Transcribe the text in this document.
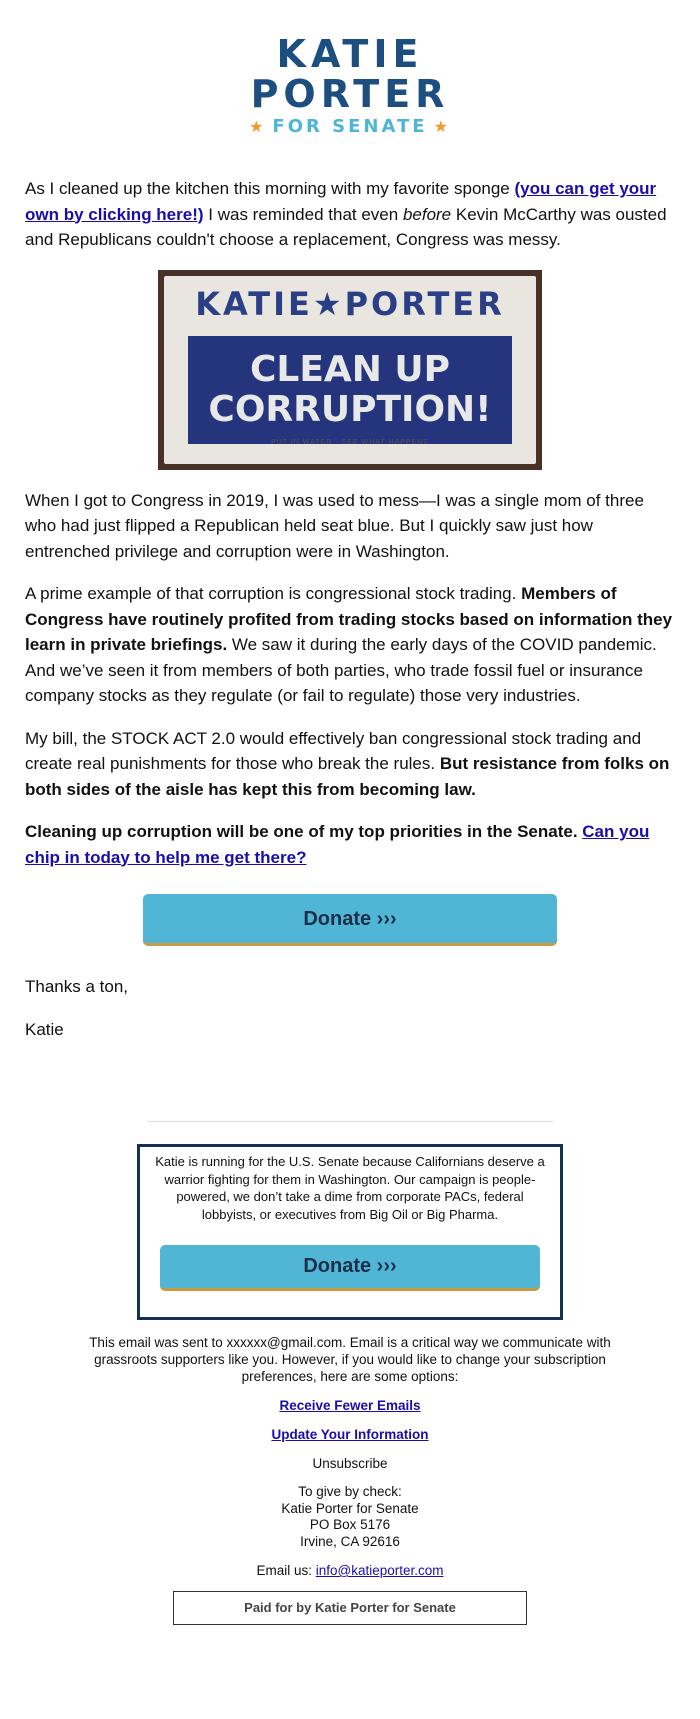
KATIE
PORTER
★ FOR SENATE ★

As I cleaned up the kitchen this morning with my favorite sponge (you can get your own by clicking here!) I was reminded that even before Kevin McCarthy was ousted and Republicans couldn't choose a replacement, Congress was messy.

KATIE★PORTER
CLEAN UP
CORRUPTION!
PUT IN WATER · SEE WHAT HAPPENS

When I got to Congress in 2019, I was used to mess—I was a single mom of three who had just flipped a Republican held seat blue. But I quickly saw just how entrenched privilege and corruption were in Washington.

A prime example of that corruption is congressional stock trading. Members of Congress have routinely profited from trading stocks based on information they learn in private briefings. We saw it during the early days of the COVID pandemic. And we’ve seen it from members of both parties, who trade fossil fuel or insurance company stocks as they regulate (or fail to regulate) those very industries.

My bill, the STOCK ACT 2.0 would effectively ban congressional stock trading and create real punishments for those who break the rules. But resistance from folks on both sides of the aisle has kept this from becoming law.

Cleaning up corruption will be one of my top priorities in the Senate. Can you chip in today to help me get there?

Donate ›››

Thanks a ton,

Katie

Katie is running for the U.S. Senate because Californians deserve a warrior fighting for them in Washington. Our campaign is people-powered, we don’t take a dime from corporate PACs, federal lobbyists, or executives from Big Oil or Big Pharma.
Donate ›››

This email was sent to xxxxxx@gmail.com. Email is a critical way we communicate with grassroots supporters like you. However, if you would like to change your subscription preferences, here are some options:

Receive Fewer Emails

Update Your Information

Unsubscribe

To give by check:
Katie Porter for Senate
PO Box 5176
Irvine, CA 92616

Email us: info@katieporter.com

Paid for by Katie Porter for Senate
